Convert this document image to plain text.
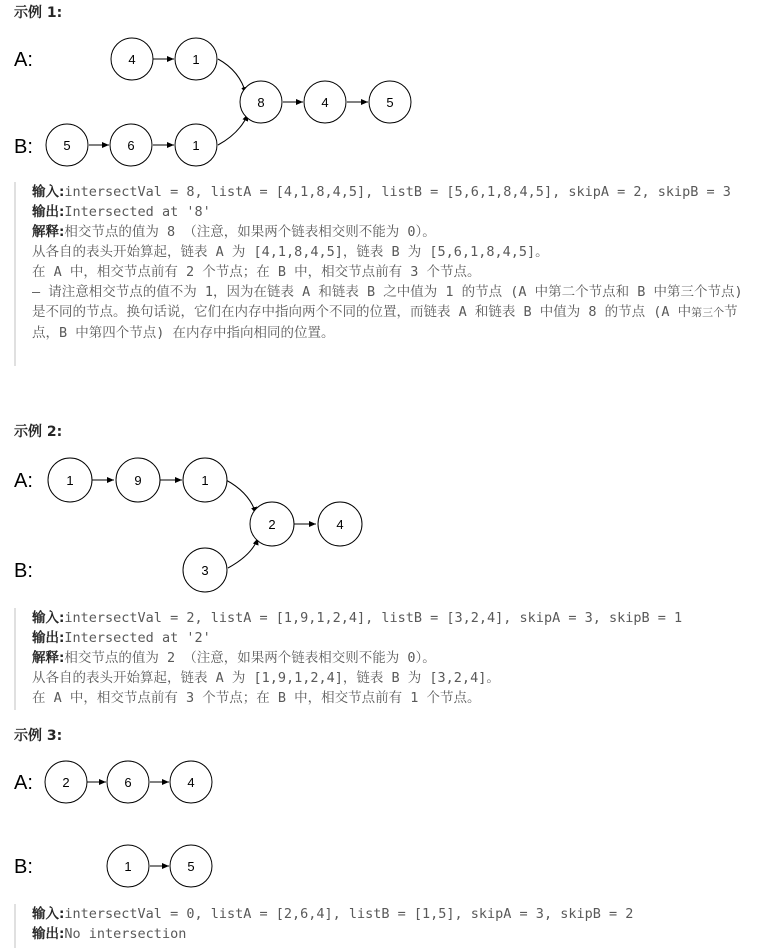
示例 1:
A:
B:
4	1
8	4	5
5	6	1
输入:intersectVal = 8, listA = [4,1,8,4,5], listB = [5,6,1,8,4,5], skipA = 2, skipB = 3
输出:Intersected at '8'
解释:相交节点的值为 8 （注意，如果两个链表相交则不能为 0）。
从各自的表头开始算起，链表 A 为 [4,1,8,4,5]，链表 B 为 [5,6,1,8,4,5]。
在 A 中，相交节点前有 2 个节点；在 B 中，相交节点前有 3 个节点。
— 请注意相交节点的值不为 1，因为在链表 A 和链表 B 之中值为 1 的节点 (A 中第二个节点和 B 中第三个节点) 是不同的节点。换句话说，它们在内存中指向两个不同的位置，而链表 A 和链表 B 中值为 8 的节点 (A 中第三个节点，B 中第四个节点) 在内存中指向相同的位置。
示例 2:
A:
B:
1	9	1
2	4
3
输入:intersectVal = 2, listA = [1,9,1,2,4], listB = [3,2,4], skipA = 3, skipB = 1
输出:Intersected at '2'
解释:相交节点的值为 2 （注意，如果两个链表相交则不能为 0）。
从各自的表头开始算起，链表 A 为 [1,9,1,2,4]，链表 B 为 [3,2,4]。
在 A 中，相交节点前有 3 个节点；在 B 中，相交节点前有 1 个节点。
示例 3:
A:
B:
2	6	4
1	5
输入:intersectVal = 0, listA = [2,6,4], listB = [1,5], skipA = 3, skipB = 2
输出:No intersection
